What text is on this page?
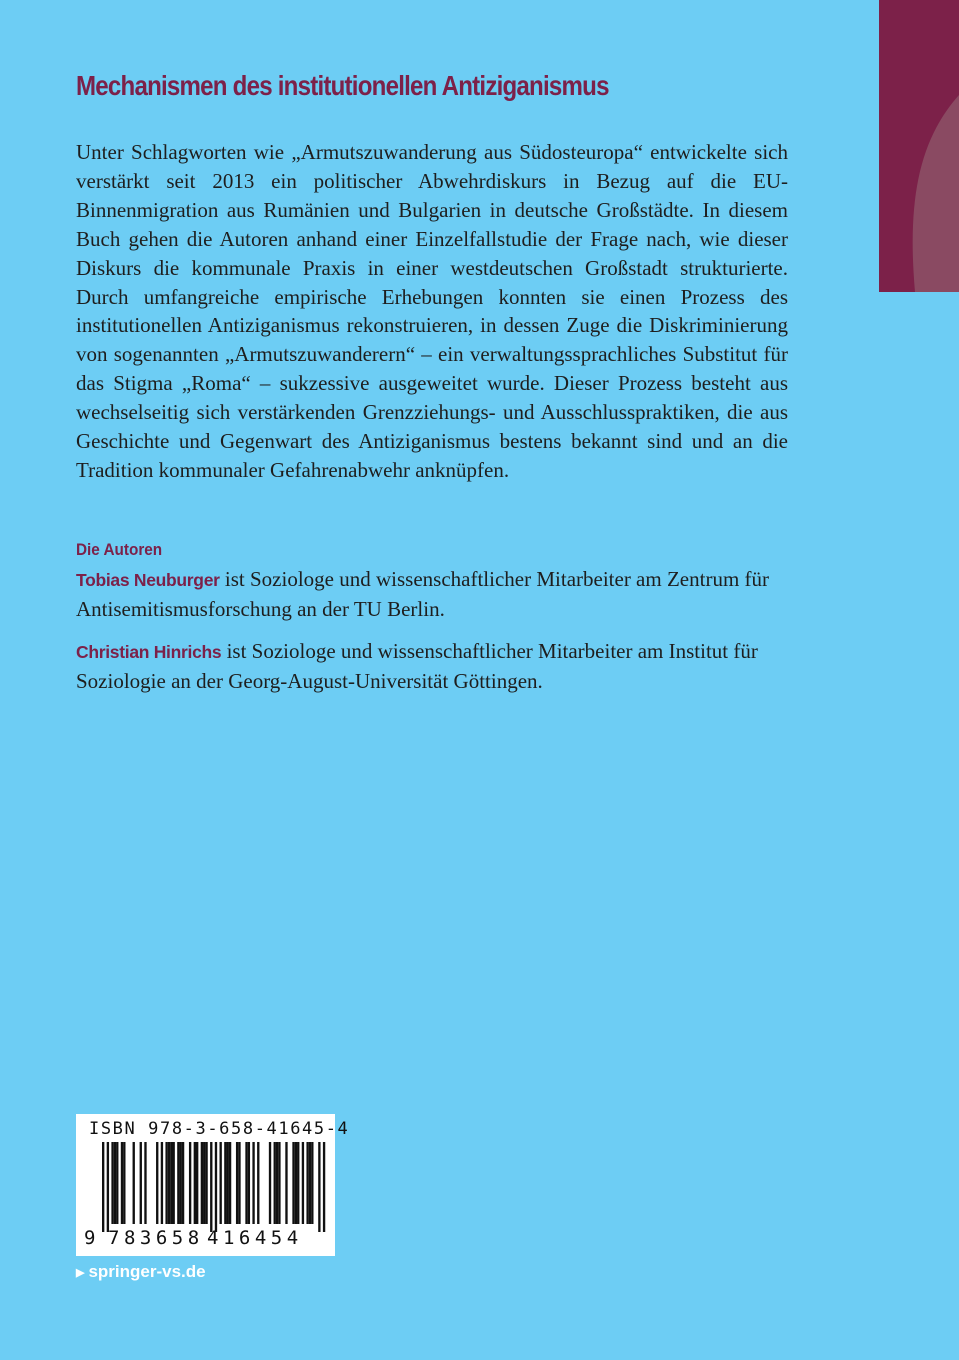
Mechanismen des institutionellen Antiziganismus

Unter Schlagworten wie „Armutszuwanderung aus Südosteuropa“ entwickelte sich verstärkt seit 2013 ein politischer Abwehrdiskurs in Bezug auf die EU-Binnenmigration aus Rumänien und Bulgarien in deutsche Großstädte. In diesem Buch gehen die Autoren anhand einer Einzelfallstudie der Frage nach, wie dieser Diskurs die kommunale Praxis in einer westdeutschen Großstadt strukturierte. Durch umfangreiche empirische Erhebungen konnten sie einen Prozess des institutionellen Antiziganismus rekonstruieren, in dessen Zuge die Diskriminierung von sogenannten „Armutszuwanderern“ – ein verwaltungssprachliches Substitut für das Stigma „Roma“ – sukzessive ausgeweitet wurde. Dieser Prozess besteht aus wechselseitig sich verstärkenden Grenzziehungs- und Ausschlusspraktiken, die aus Geschichte und Gegenwart des Antiziganismus bestens bekannt sind und an die Tradition kommunaler Gefahrenabwehr anknüpfen.

Die Autoren

Tobias Neuburger ist Soziologe und wissenschaftlicher Mitarbeiter am Zentrum für Antisemitismusforschung an der TU Berlin.

Christian Hinrichs ist Soziologe und wissenschaftlicher Mitarbeiter am Institut für Soziologie an der Georg-August-Universität Göttingen.

ISBN 978-3-658-41645-4
9 783658 416454
▶ springer-vs.de
